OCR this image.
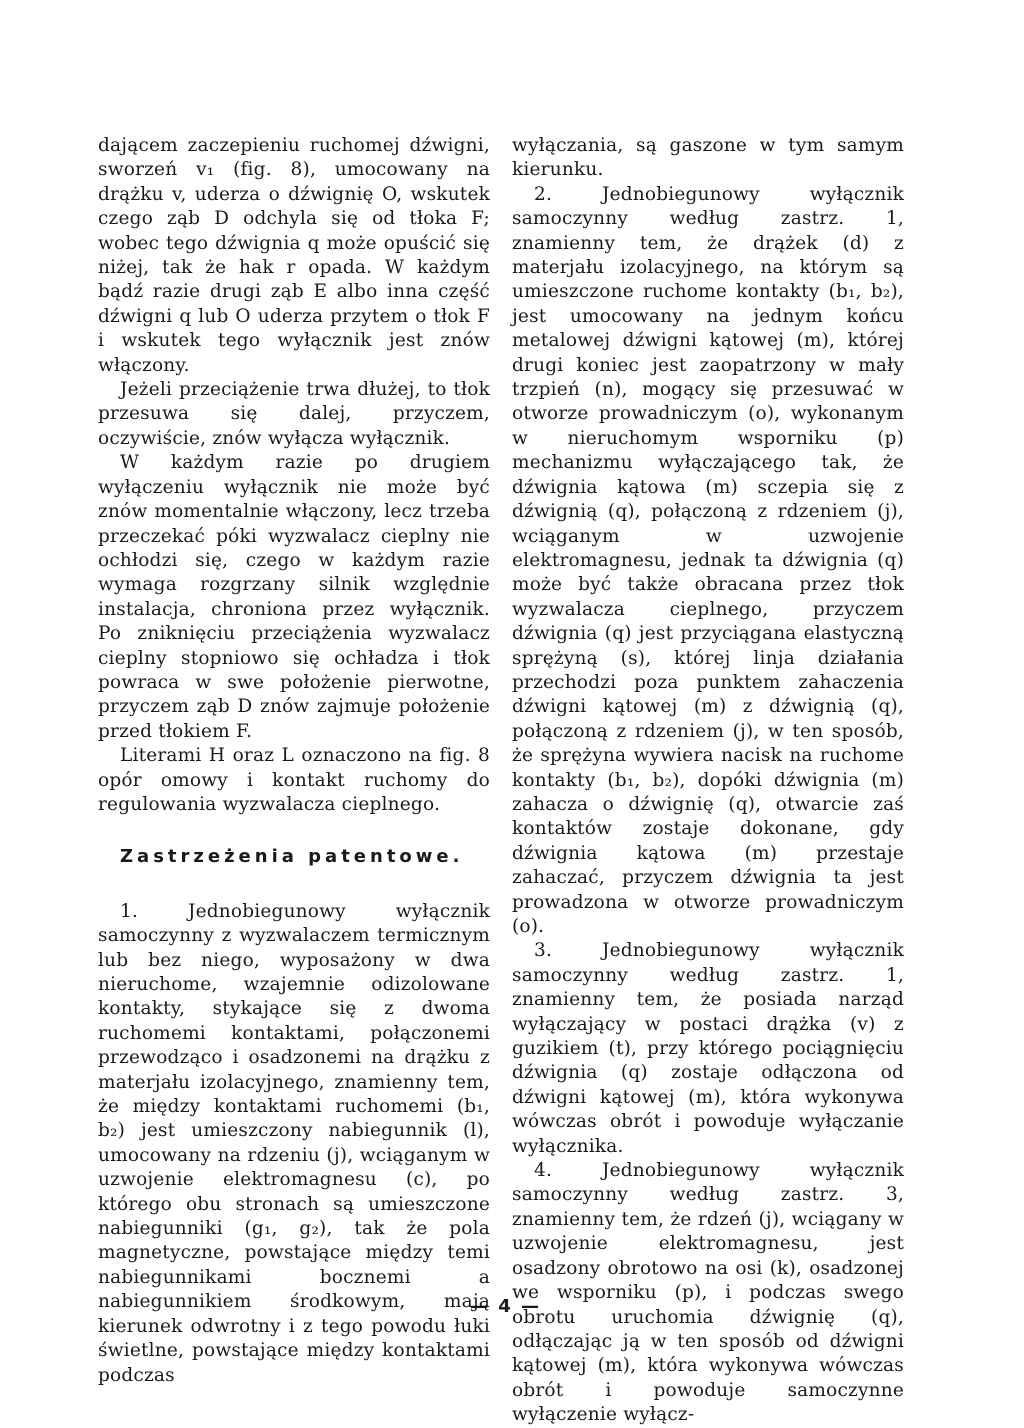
dającem zaczepieniu ruchomej dźwigni, sworzeń v₁ (fig. 8), umocowany na drążku v, uderza o dźwignię O, wskutek czego ząb D odchyla się od tłoka F; wobec tego dźwignia q może opuścić się niżej, tak że hak r opada. W każdym bądź razie drugi ząb E albo inna część dźwigni q lub O uderza przytem o tłok F i wskutek tego wyłącznik jest znów włączony.

Jeżeli przeciążenie trwa dłużej, to tłok przesuwa się dalej, przyczem, oczywiście, znów wyłącza wyłącznik.

W każdym razie po drugiem wyłączeniu wyłącznik nie może być znów momentalnie włączony, lecz trzeba przeczekać póki wyzwalacz cieplny nie ochłodzi się, czego w każdym razie wymaga rozgrzany silnik względnie instalacja, chroniona przez wyłącznik. Po zniknięciu przeciążenia wyzwalacz cieplny stopniowo się ochładza i tłok powraca w swe położenie pierwotne, przyczem ząb D znów zajmuje położenie przed tłokiem F.

Literami H oraz L oznaczono na fig. 8 opór omowy i kontakt ruchomy do regulowania wyzwalacza cieplnego.

Zastrzeżenia patentowe.

1. Jednobiegunowy wyłącznik samoczynny z wyzwalaczem termicznym lub bez niego, wyposażony w dwa nieruchome, wzajemnie odizolowane kontakty, stykające się z dwoma ruchomemi kontaktami, połączonemi przewodząco i osadzonemi na drążku z materjału izolacyjnego, znamienny tem, że między kontaktami ruchomemi (b₁, b₂) jest umieszczony nabiegunnik (l), umocowany na rdzeniu (j), wciąganym w uzwojenie elektromagnesu (c), po którego obu stronach są umieszczone nabiegunniki (g₁, g₂), tak że pola magnetyczne, powstające między temi nabiegunnikami bocznemi a nabiegunnikiem środkowym, mają kierunek odwrotny i z tego powodu łuki świetlne, powstające między kontaktami podczas

wyłączania, są gaszone w tym samym kierunku.

2. Jednobiegunowy wyłącznik samoczynny według zastrz. 1, znamienny tem, że drążek (d) z materjału izolacyjnego, na którym są umieszczone ruchome kontakty (b₁, b₂), jest umocowany na jednym końcu metalowej dźwigni kątowej (m), której drugi koniec jest zaopatrzony w mały trzpień (n), mogący się przesuwać w otworze prowadniczym (o), wykonanym w nieruchomym wsporniku (p) mechanizmu wyłączającego tak, że dźwignia kątowa (m) sczepia się z dźwignią (q), połączoną z rdzeniem (j), wciąganym w uzwojenie elektromagnesu, jednak ta dźwignia (q) może być także obracana przez tłok wyzwalacza cieplnego, przyczem dźwignia (q) jest przyciągana elastyczną sprężyną (s), której linja działania przechodzi poza punktem zahaczenia dźwigni kątowej (m) z dźwignią (q), połączoną z rdzeniem (j), w ten sposób, że sprężyna wywiera nacisk na ruchome kontakty (b₁, b₂), dopóki dźwignia (m) zahacza o dźwignię (q), otwarcie zaś kontaktów zostaje dokonane, gdy dźwignia kątowa (m) przestaje zahaczać, przyczem dźwignia ta jest prowadzona w otworze prowadniczym (o).

3. Jednobiegunowy wyłącznik samoczynny według zastrz. 1, znamienny tem, że posiada narząd wyłączający w postaci drążka (v) z guzikiem (t), przy którego pociągnięciu dźwignia (q) zostaje odłączona od dźwigni kątowej (m), która wykonywa wówczas obrót i powoduje wyłączanie wyłącznika.

4. Jednobiegunowy wyłącznik samoczynny według zastrz. 3, znamienny tem, że rdzeń (j), wciągany w uzwojenie elektromagnesu, jest osadzony obrotowo na osi (k), osadzonej we wsporniku (p), i podczas swego obrotu uruchomia dźwignię (q), odłączając ją w ten sposób od dźwigni kątowej (m), która wykonywa wówczas obrót i powoduje samoczynne wyłączenie wyłącz-

— 4 —
